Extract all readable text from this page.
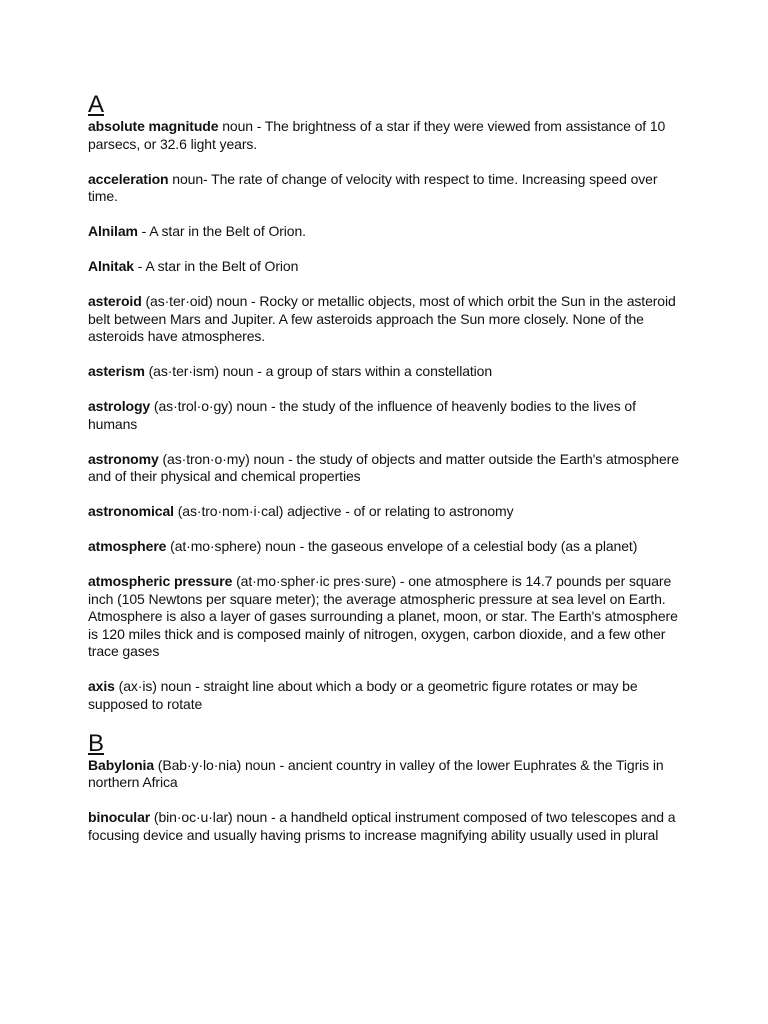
A

absolute magnitude noun - The brightness of a star if they were viewed from assistance of 10 parsecs, or 32.6 light years.

acceleration noun- The rate of change of velocity with respect to time. Increasing speed over time.

Alnilam - A star in the Belt of Orion.

Alnitak - A star in the Belt of Orion

asteroid (as·ter·oid) noun - Rocky or metallic objects, most of which orbit the Sun in the asteroid belt between Mars and Jupiter. A few asteroids approach the Sun more closely. None of the asteroids have atmospheres.

asterism (as·ter·ism) noun - a group of stars within a constellation

astrology (as·trol·o·gy) noun - the study of the influence of heavenly bodies to the lives of humans

astronomy (as·tron·o·my) noun - the study of objects and matter outside the Earth's atmosphere and of their physical and chemical properties

astronomical (as·tro·nom·i·cal) adjective - of or relating to astronomy

atmosphere (at·mo·sphere) noun - the gaseous envelope of a celestial body (as a planet)

atmospheric pressure (at·mo·spher·ic pres·sure) - one atmosphere is 14.7 pounds per square inch (105 Newtons per square meter); the average atmospheric pressure at sea level on Earth. Atmosphere is also a layer of gases surrounding a planet, moon, or star. The Earth's atmosphere is 120 miles thick and is composed mainly of nitrogen, oxygen, carbon dioxide, and a few other trace gases

axis (ax·is) noun - straight line about which a body or a geometric figure rotates or may be supposed to rotate

B

Babylonia (Bab·y·lo·nia) noun - ancient country in valley of the lower Euphrates & the Tigris in northern Africa

binocular (bin·oc·u·lar) noun - a handheld optical instrument composed of two telescopes and a focusing device and usually having prisms to increase magnifying ability usually used in plural
